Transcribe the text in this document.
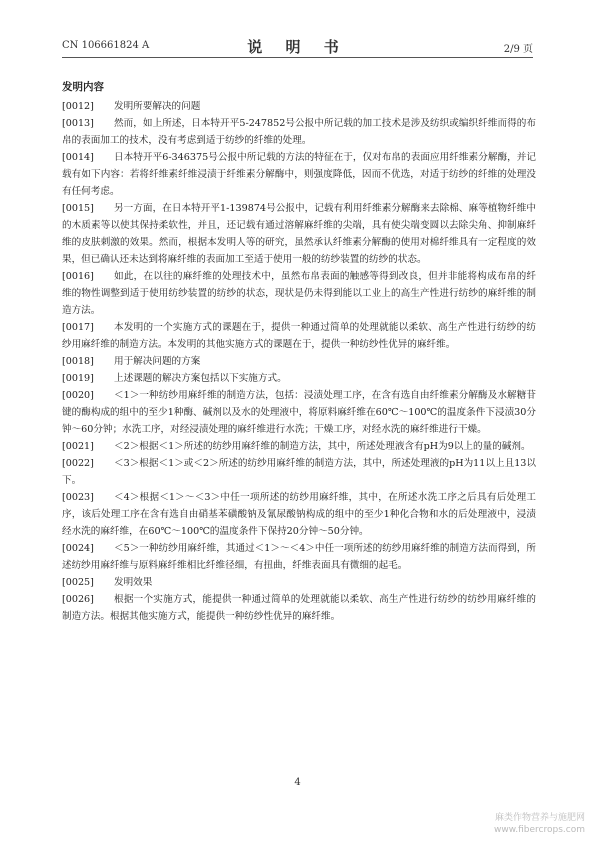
CN 106661824 A	说 明 书	2/9 页
发明内容
[0012] 发明所要解决的问题
[0013] 然而，如上所述，日本特开平5-247852号公报中所记载的加工技术是涉及纺织或编织纤维而得的布帛的表面加工的技术，没有考虑到适于纺纱的纤维的处理。
[0014] 日本特开平6-346375号公报中所记载的方法的特征在于，仅对布帛的表面应用纤维素分解酶，并记载有如下内容：若将纤维素纤维浸渍于纤维素分解酶中，则强度降低，因而不优选，对适于纺纱的纤维的处理没有任何考虑。
[0015] 另一方面，在日本特开平1-139874号公报中，记载有利用纤维素分解酶来去除棉、麻等植物纤维中的木质素等以使其保持柔软性，并且，还记载有通过溶解麻纤维的尖端，具有使尖端变圆以去除尖角、抑制麻纤维的皮肤刺激的效果。然而，根据本发明人等的研究，虽然承认纤维素分解酶的使用对棉纤维具有一定程度的效果，但已确认还未达到将麻纤维的表面加工至适于使用一般的纺纱装置的纺纱的状态。
[0016] 如此，在以往的麻纤维的处理技术中，虽然布帛表面的触感等得到改良，但并非能将构成布帛的纤维的物性调整到适于使用纺纱装置的纺纱的状态，现状是仍未得到能以工业上的高生产性进行纺纱的麻纤维的制造方法。
[0017] 本发明的一个实施方式的课题在于，提供一种通过简单的处理就能以柔软、高生产性进行纺纱的纺纱用麻纤维的制造方法。本发明的其他实施方式的课题在于，提供一种纺纱性优异的麻纤维。
[0018] 用于解决问题的方案
[0019] 上述课题的解决方案包括以下实施方式。
[0020] ＜1＞一种纺纱用麻纤维的制造方法，包括：浸渍处理工序，在含有选自由纤维素分解酶及水解糖苷键的酶构成的组中的至少1种酶、碱剂以及水的处理液中，将原料麻纤维在60℃～100℃的温度条件下浸渍30分钟～60分钟；水洗工序，对经浸渍处理的麻纤维进行水洗；干燥工序，对经水洗的麻纤维进行干燥。
[0021] ＜2＞根据＜1＞所述的纺纱用麻纤维的制造方法，其中，所述处理液含有pH为9以上的量的碱剂。
[0022] ＜3＞根据＜1＞或＜2＞所述的纺纱用麻纤维的制造方法，其中，所述处理液的pH为11以上且13以下。
[0023] ＜4＞根据＜1＞～＜3＞中任一项所述的纺纱用麻纤维，其中，在所述水洗工序之后具有后处理工序，该后处理工序在含有选自由硝基苯磺酸钠及氰尿酸钠构成的组中的至少1种化合物和水的后处理液中，浸渍经水洗的麻纤维，在60℃～100℃的温度条件下保持20分钟～50分钟。
[0024] ＜5＞一种纺纱用麻纤维，其通过＜1＞～＜4＞中任一项所述的纺纱用麻纤维的制造方法而得到，所述纺纱用麻纤维与原料麻纤维相比纤维径细，有扭曲，纤维表面具有微细的起毛。
[0025] 发明效果
[0026] 根据一个实施方式，能提供一种通过简单的处理就能以柔软、高生产性进行纺纱的纺纱用麻纤维的制造方法。根据其他实施方式，能提供一种纺纱性优异的麻纤维。
4
麻类作物营养与施肥网
www.fibercrops.com
